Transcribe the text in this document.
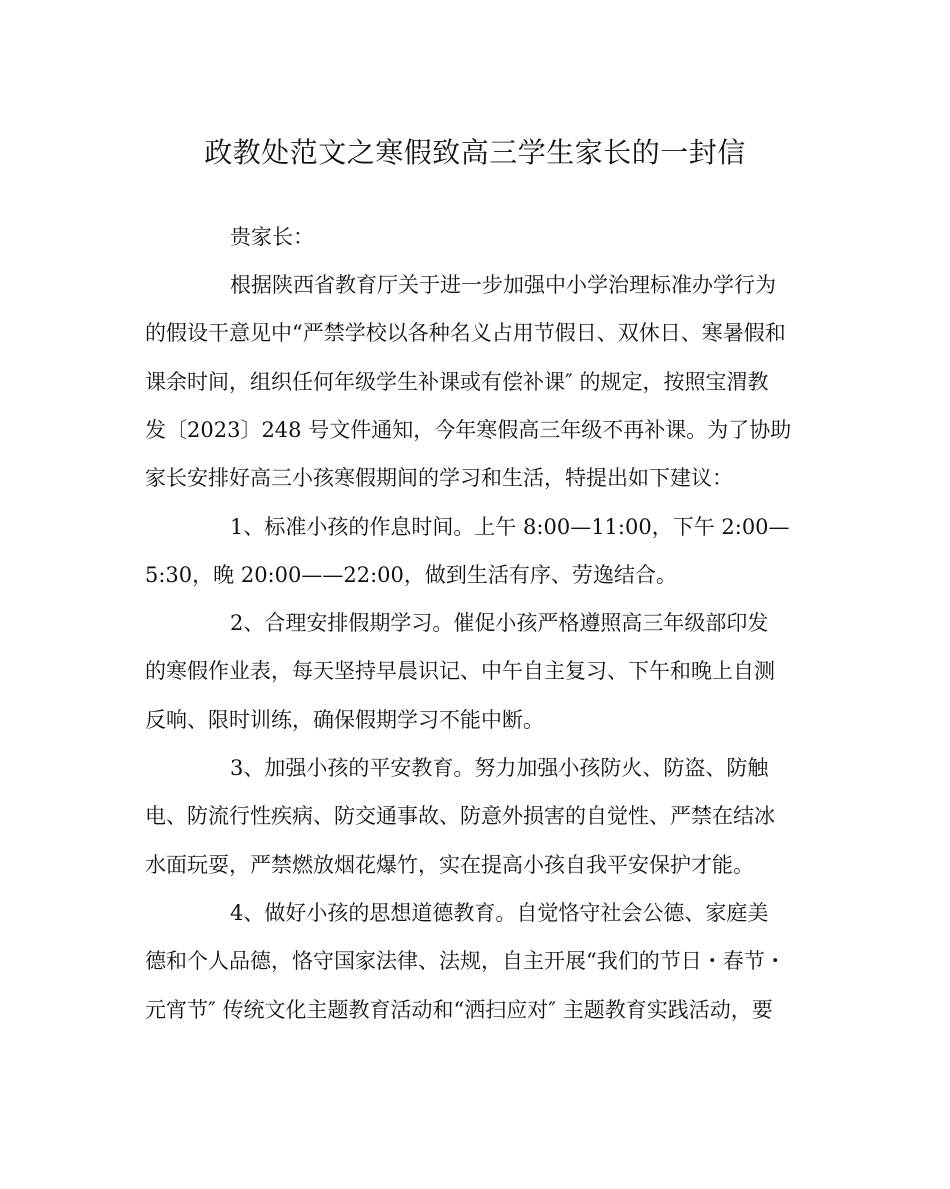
政教处范文之寒假致高三学生家长的一封信
贵家长：
根据陕西省教育厅关于进一步加强中小学治理标准办学行为
的假设干意见中“严禁学校以各种名义占用节假日、双休日、寒暑假和
课余时间，组织任何年级学生补课或有偿补课″ 的规定，按照宝渭教
发〔2023〕248 号文件通知，今年寒假高三年级不再补课。为了协助
家长安排好高三小孩寒假期间的学习和生活，特提出如下建议：
1、标准小孩的作息时间。上午 8:00—11:00，下午 2:00—
5:30，晚 20:00——22:00，做到生活有序、劳逸结合。
2、合理安排假期学习。催促小孩严格遵照高三年级部印发
的寒假作业表，每天坚持早晨识记、中午自主复习、下午和晚上自测
反响、限时训练，确保假期学习不能中断。
3、加强小孩的平安教育。努力加强小孩防火、防盗、防触
电、防流行性疾病、防交通事故、防意外损害的自觉性、严禁在结冰
水面玩耍，严禁燃放烟花爆竹，实在提高小孩自我平安保护才能。
4、做好小孩的思想道德教育。自觉恪守社会公德、家庭美
德和个人品德，恪守国家法律、法规，自主开展“我们的节日・春节・
元宵节″ 传统文化主题教育活动和“洒扫应对″ 主题教育实践活动，要
